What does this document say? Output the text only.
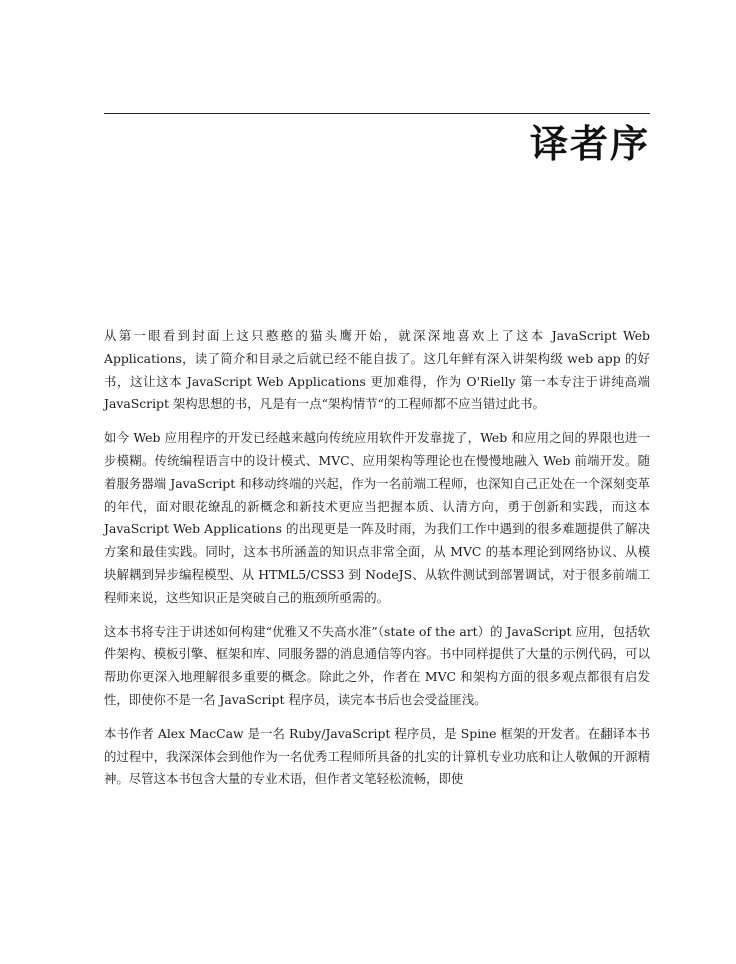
译者序

从第一眼看到封面上这只憨憨的猫头鹰开始，就深深地喜欢上了这本 JavaScript Web Applications，读了简介和目录之后就已经不能自拔了。这几年鲜有深入讲架构级 web app 的好书，这让这本 JavaScript Web Applications 更加难得，作为 O'Rielly 第一本专注于讲纯高端 JavaScript 架构思想的书，凡是有一点“架构情节“的工程师都不应当错过此书。

如今 Web 应用程序的开发已经越来越向传统应用软件开发靠拢了，Web 和应用之间的界限也进一步模糊。传统编程语言中的设计模式、MVC、应用架构等理论也在慢慢地融入 Web 前端开发。随着服务器端 JavaScript 和移动终端的兴起，作为一名前端工程师，也深知自己正处在一个深刻变革的年代，面对眼花缭乱的新概念和新技术更应当把握本质、认清方向，勇于创新和实践，而这本 JavaScript Web Applications 的出现更是一阵及时雨，为我们工作中遇到的很多难题提供了解决方案和最佳实践。同时，这本书所涵盖的知识点非常全面，从 MVC 的基本理论到网络协议、从模块解耦到异步编程模型、从 HTML5/CSS3 到 NodeJS、从软件测试到部署调试，对于很多前端工程师来说，这些知识正是突破自己的瓶颈所亟需的。

这本书将专注于讲述如何构建“优雅又不失高水准”（state of the art）的 JavaScript 应用，包括软件架构、模板引擎、框架和库、同服务器的消息通信等内容。书中同样提供了大量的示例代码，可以帮助你更深入地理解很多重要的概念。除此之外，作者在 MVC 和架构方面的很多观点都很有启发性，即使你不是一名 JavaScript 程序员，读完本书后也会受益匪浅。

本书作者 Alex MacCaw 是一名 Ruby/JavaScript 程序员，是 Spine 框架的开发者。在翻译本书的过程中，我深深体会到他作为一名优秀工程师所具备的扎实的计算机专业功底和让人敬佩的开源精神。尽管这本书包含大量的专业术语，但作者文笔轻松流畅，即使
